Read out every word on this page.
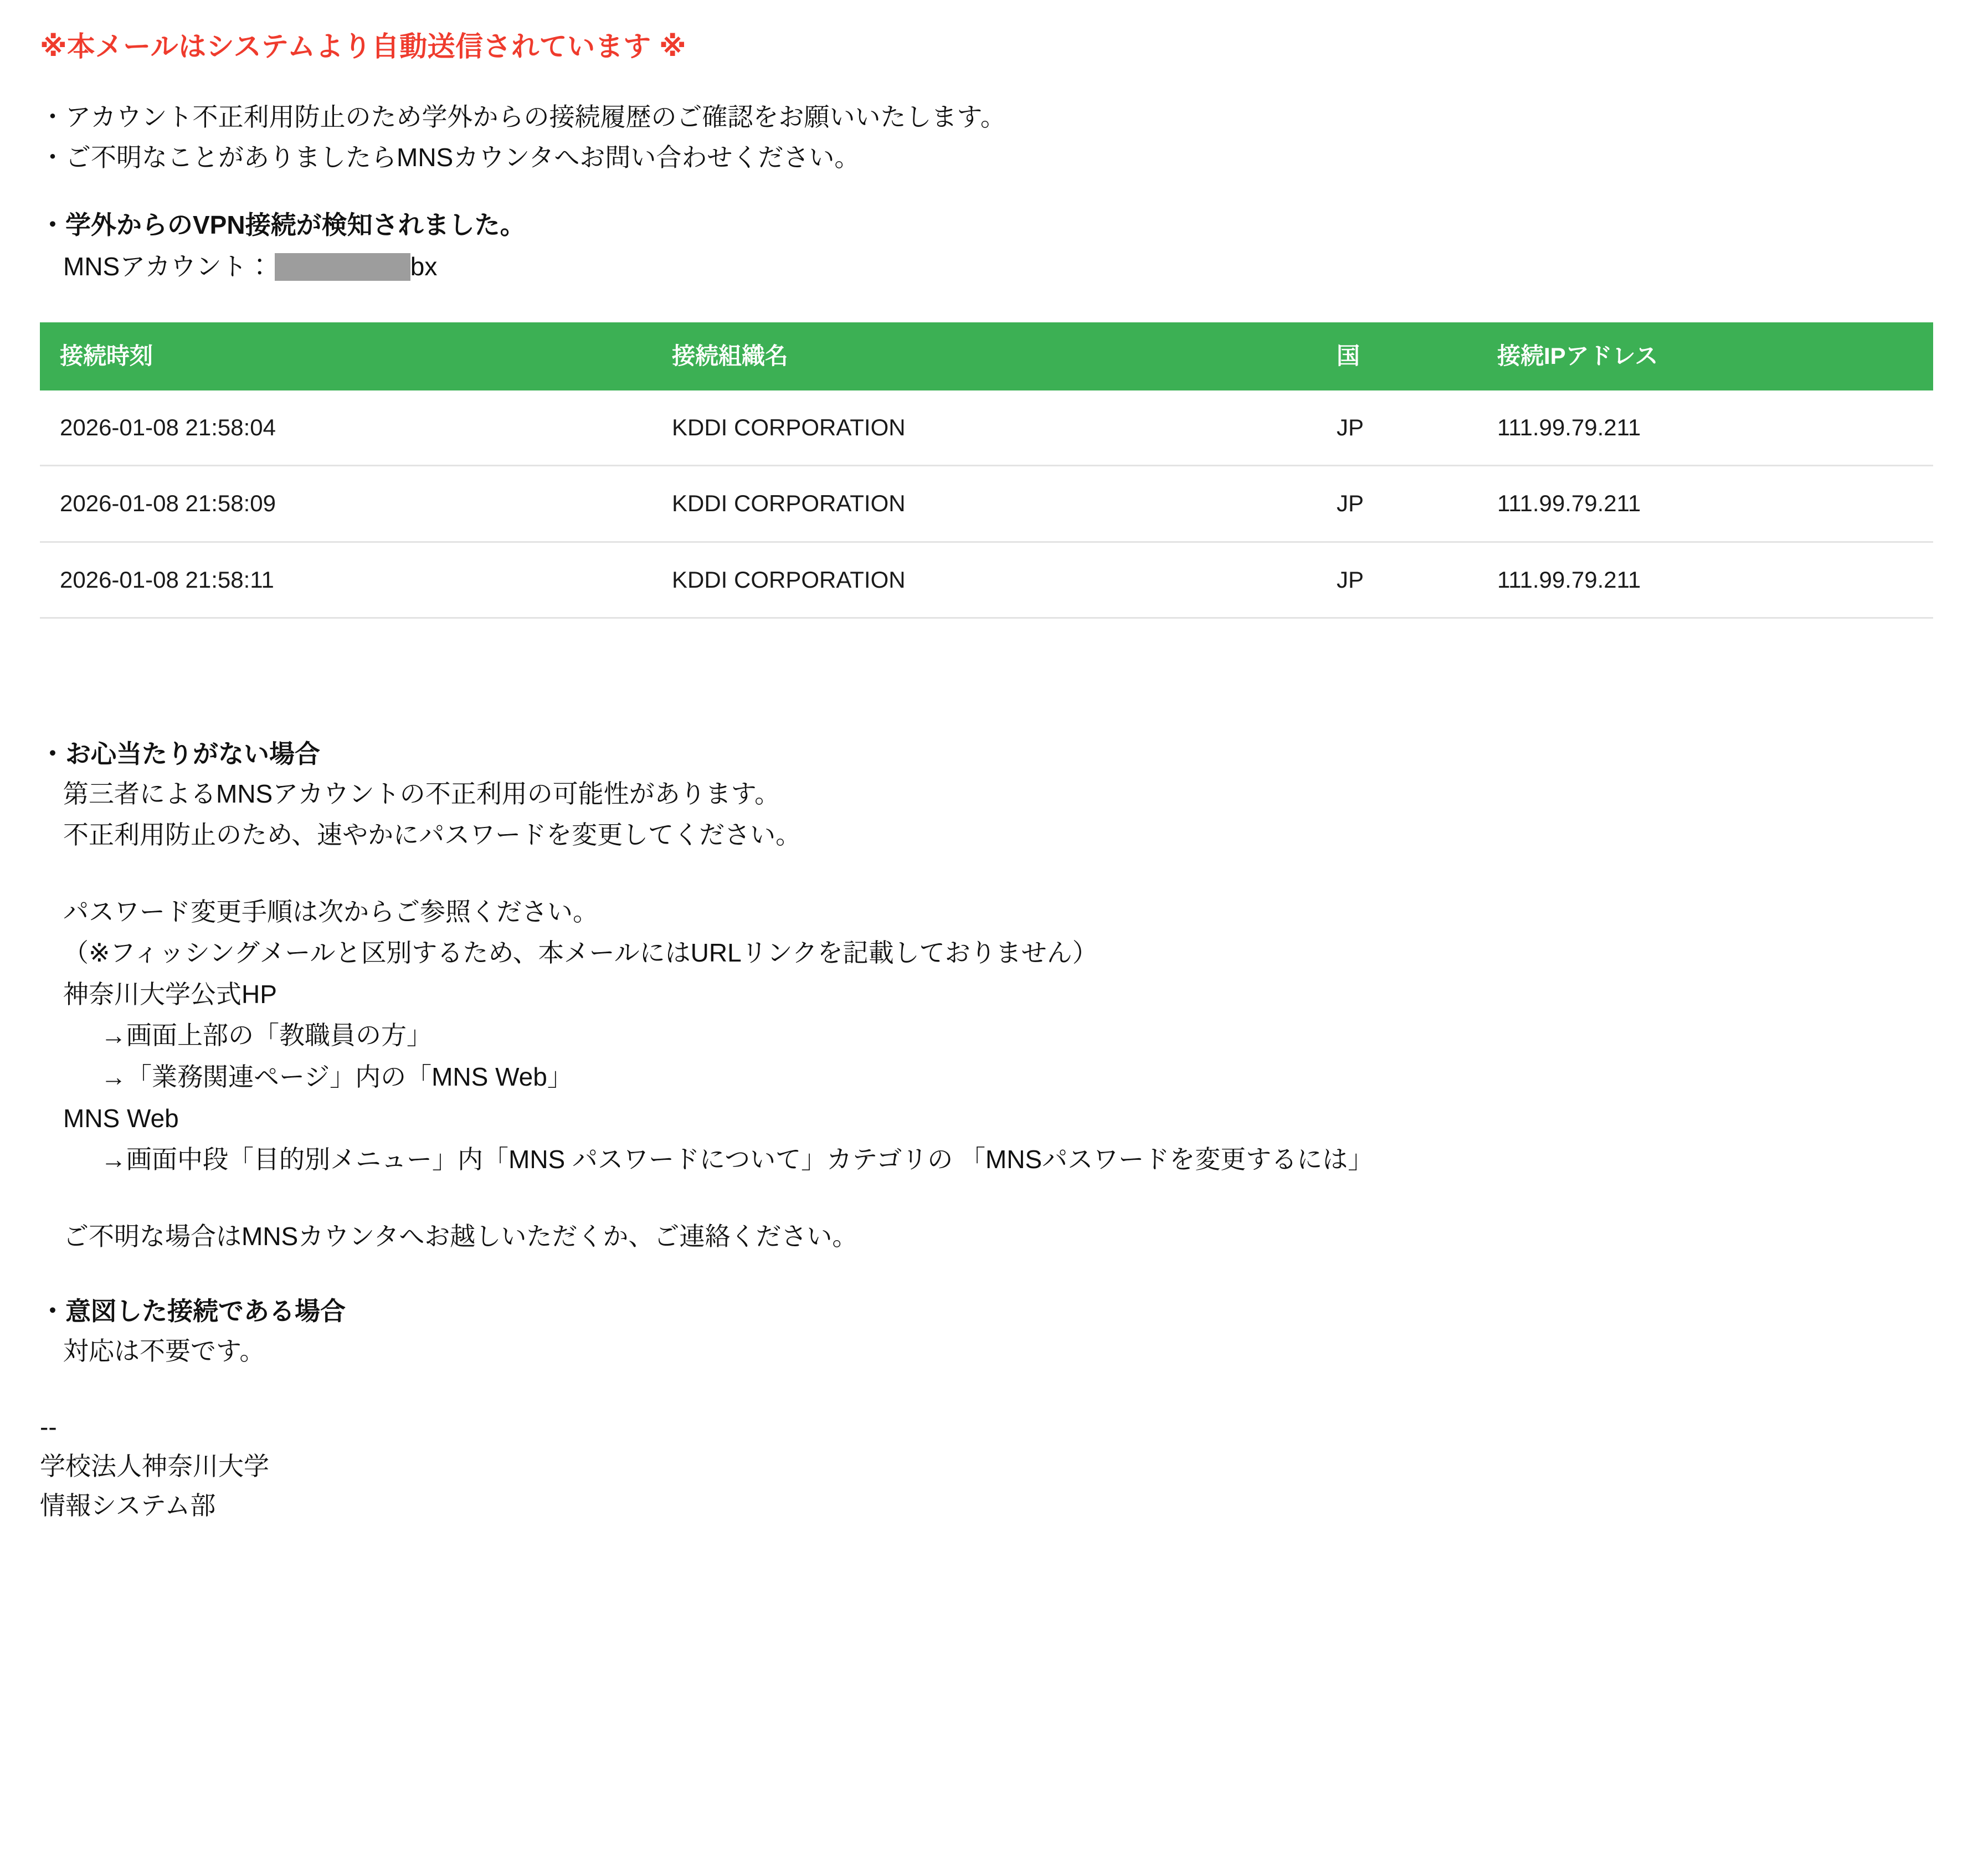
※本メールはシステムより自動送信されています ※

・アカウント不正利用防止のため学外からの接続履歴のご確認をお願いいたします。

・ご不明なことがありましたらMNSカウンタへお問い合わせください。

・学外からのVPN接続が検知されました。

MNSアカウント：	bx
接続時刻	接続組織名	国	接続IPアドレス
2026-01-08 21:58:04	KDDI CORPORATION	JP	111.99.79.211
2026-01-08 21:58:09	KDDI CORPORATION	JP	111.99.79.211
2026-01-08 21:58:11	KDDI CORPORATION	JP	111.99.79.211

・お心当たりがない場合

第三者によるMNSアカウントの不正利用の可能性があります。

不正利用防止のため、速やかにパスワードを変更してください。

パスワード変更手順は次からご参照ください。

（※フィッシングメールと区別するため、本メールにはURLリンクを記載しておりません）

神奈川大学公式HP

→画面上部の「教職員の方」

→「業務関連ページ」内の「MNS Web」

MNS Web

→画面中段「目的別メニュー」内「MNS パスワードについて」カテゴリの 「MNSパスワードを変更するには」

ご不明な場合はMNSカウンタへお越しいただくか、ご連絡ください。

・意図した接続である場合

対応は不要です。

--

学校法人神奈川大学

情報システム部
